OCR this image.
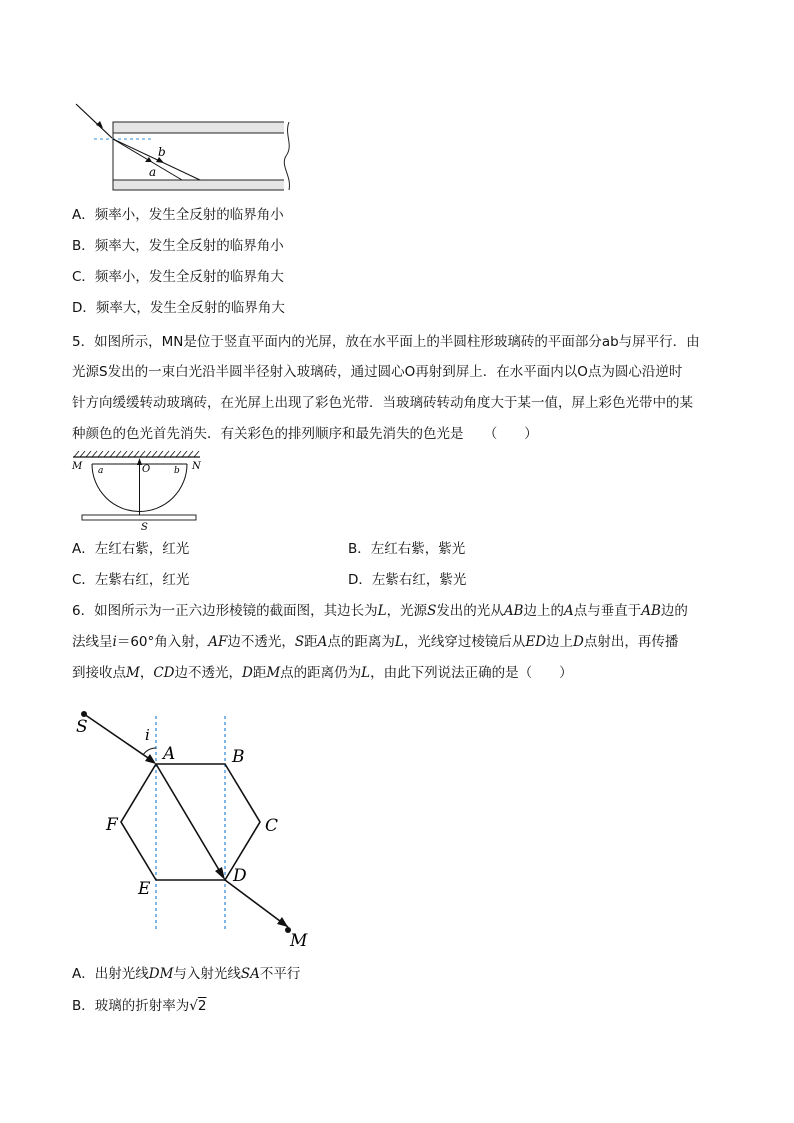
b
a
A．频率小，发生全反射的临界角小
B．频率大，发生全反射的临界角小
C．频率小，发生全反射的临界角大
D．频率大，发生全反射的临界角大
5．如图所示，MN是位于竖直平面内的光屏，放在水平面上的半圆柱形玻璃砖的平面部分ab与屏平行．由
光源S发出的一束白光沿半圆半径射入玻璃砖，通过圆心O再射到屏上．在水平面内以O点为圆心沿逆时
针方向缓缓转动玻璃砖，在光屏上出现了彩色光带．当玻璃砖转动角度大于某一值，屏上彩色光带中的某
种颜色的色光首先消失．有关彩色的排列顺序和最先消失的色光是　　（　　）
M	N
a	b
O
S
A．左红右紫，红光	B．左红右紫，紫光
C．左紫右红，红光	D．左紫右红，紫光
6．如图所示为一正六边形棱镜的截面图，其边长为L，光源S发出的光从AB边上的A点与垂直于AB边的
法线呈i＝60°角入射，AF边不透光，S距A点的距离为L，光线穿过棱镜后从ED边上D点射出，再传播
到接收点M，CD边不透光，D距M点的距离仍为L，由此下列说法正确的是（　　）
S	i
A	B
C
D
E
F
M
A．出射光线DM与入射光线SA不平行
B．玻璃的折射率为√2
